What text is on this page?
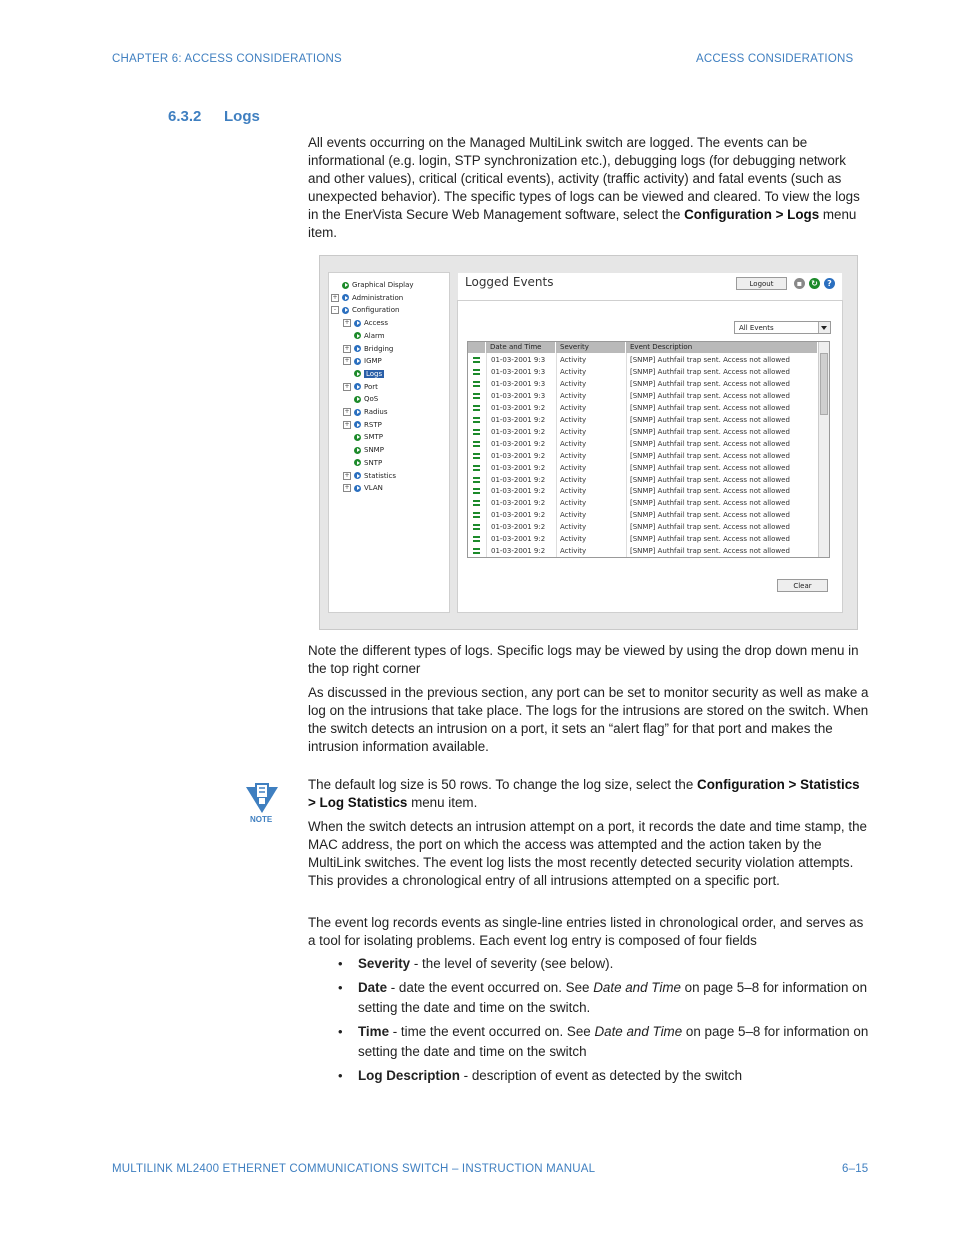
CHAPTER 6: ACCESS CONSIDERATIONS	ACCESS CONSIDERATIONS
6.3.2 Logs
All events occurring on the Managed MultiLink switch are logged. The events can be informational (e.g. login, STP synchronization etc.), debugging logs (for debugging network and other values), critical (critical events), activity (traffic activity) and fatal events (such as unexpected behavior). The specific types of logs can be viewed and cleared. To view the logs in the EnerVista Secure Web Management software, select the Configuration > Logs menu item.
Graphical Display
+ Administration
- Configuration
+ Access
Alarm
+ Bridging
+ IGMP
Logs
+ Port
QoS
+ Radius
+ RSTP
SMTP
SNMP
SNTP
+ Statistics
+ VLAN
Logged Events	Logout	▪	↻	?
All Events
Date and Time	Severity	Event Description
01-03-2001 9:3	Activity	[SNMP] Authfail trap sent. Access not allowed
01-03-2001 9:3	Activity	[SNMP] Authfail trap sent. Access not allowed
01-03-2001 9:3	Activity	[SNMP] Authfail trap sent. Access not allowed
01-03-2001 9:3	Activity	[SNMP] Authfail trap sent. Access not allowed
01-03-2001 9:2	Activity	[SNMP] Authfail trap sent. Access not allowed
01-03-2001 9:2	Activity	[SNMP] Authfail trap sent. Access not allowed
01-03-2001 9:2	Activity	[SNMP] Authfail trap sent. Access not allowed
01-03-2001 9:2	Activity	[SNMP] Authfail trap sent. Access not allowed
01-03-2001 9:2	Activity	[SNMP] Authfail trap sent. Access not allowed
01-03-2001 9:2	Activity	[SNMP] Authfail trap sent. Access not allowed
01-03-2001 9:2	Activity	[SNMP] Authfail trap sent. Access not allowed
01-03-2001 9:2	Activity	[SNMP] Authfail trap sent. Access not allowed
01-03-2001 9:2	Activity	[SNMP] Authfail trap sent. Access not allowed
01-03-2001 9:2	Activity	[SNMP] Authfail trap sent. Access not allowed
01-03-2001 9:2	Activity	[SNMP] Authfail trap sent. Access not allowed
01-03-2001 9:2	Activity	[SNMP] Authfail trap sent. Access not allowed
01-03-2001 9:2	Activity	[SNMP] Authfail trap sent. Access not allowed
Clear
Note the different types of logs. Specific logs may be viewed by using the drop down menu in the top right corner
As discussed in the previous section, any port can be set to monitor security as well as make a log on the intrusions that take place. The logs for the intrusions are stored on the switch. When the switch detects an intrusion on a port, it sets an “alert flag” for that port and makes the intrusion information available.
NOTE
The default log size is 50 rows. To change the log size, select the Configuration > Statistics > Log Statistics menu item.
When the switch detects an intrusion attempt on a port, it records the date and time stamp, the MAC address, the port on which the access was attempted and the action taken by the MultiLink switches. The event log lists the most recently detected security violation attempts. This provides a chronological entry of all intrusions attempted on a specific port.
The event log records events as single-line entries listed in chronological order, and serves as a tool for isolating problems. Each event log entry is composed of four fields
• Severity - the level of severity (see below).
• Date - date the event occurred on. See Date and Time on page 5–8 for information on setting the date and time on the switch.
• Time - time the event occurred on. See Date and Time on page 5–8 for information on setting the date and time on the switch
• Log Description - description of event as detected by the switch
MULTILINK ML2400 ETHERNET COMMUNICATIONS SWITCH – INSTRUCTION MANUAL	6–15
